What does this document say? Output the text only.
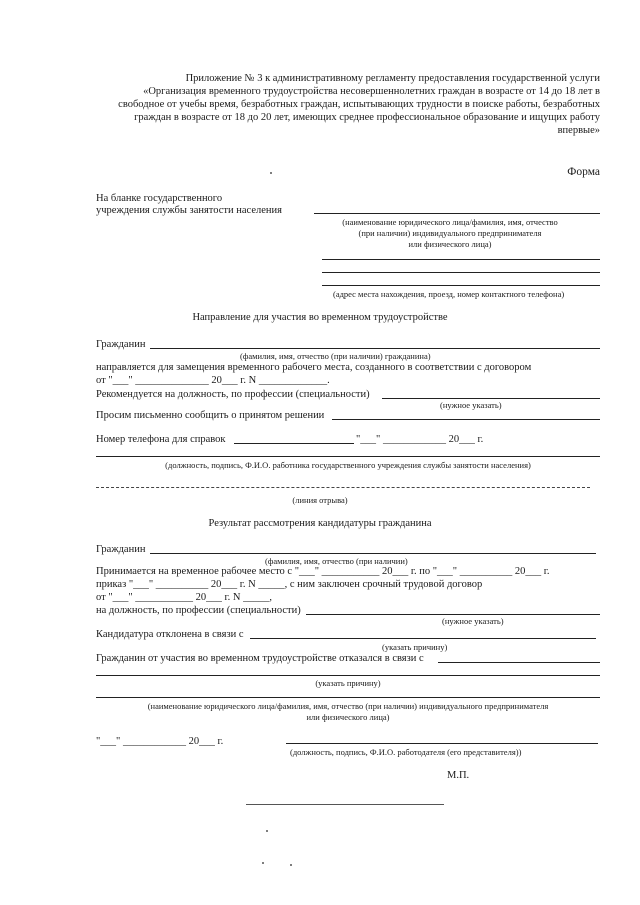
Приложение № 3 к административному регламенту предоставления государственной услуги
«Организация временного трудоустройства несовершеннолетних граждан в возрасте от 14 до 18 лет в
свободное от учебы время, безработных граждан, испытывающих трудности в поиске работы, безработных
граждан в возрасте от 18 до 20 лет, имеющих среднее профессиональное образование и ищущих работу
впервые»
Форма
На бланке государственного
учреждения службы занятости населения
(наименование юридического лица/фамилия, имя, отчество
(при наличии) индивидуального предпринимателя
или физического лица)
(адрес места нахождения, проезд, номер контактного телефона)
Направление для участия во временном трудоустройстве
Гражданин
(фамилия, имя, отчество (при наличии) гражданина)
направляется для замещения временного рабочего места, созданного в соответствии с договором
от "___" ______________ 20___ г. N _____________.
Рекомендуется на должность, по профессии (специальности)
(нужное указать)
Просим письменно сообщить о принятом решении
Номер телефона для справок	"___" ____________ 20___ г.
(должность, подпись, Ф.И.О. работника государственного учреждения службы занятости населения)
(линия отрыва)
Результат рассмотрения кандидатуры гражданина
Гражданин
(фамилия, имя, отчество (при наличии)
Принимается на временное рабочее место с "___" ___________ 20___ г. по "___" __________ 20___ г.
приказ "___" __________ 20___ г. N _____, с ним заключен срочный трудовой договор
от "___" ___________ 20___ г. N _____,
на должность, по профессии (специальности)
(нужное указать)
Кандидатура отклонена в связи с
(указать причину)
Гражданин от участия во временном трудоустройстве отказался в связи с
(указать причину)
(наименование юридического лица/фамилия, имя, отчество (при наличии) индивидуального предпринимателя
или физического лица)
"___" ____________ 20___ г.
(должность, подпись, Ф.И.О. работодателя (его представителя))
М.П.
